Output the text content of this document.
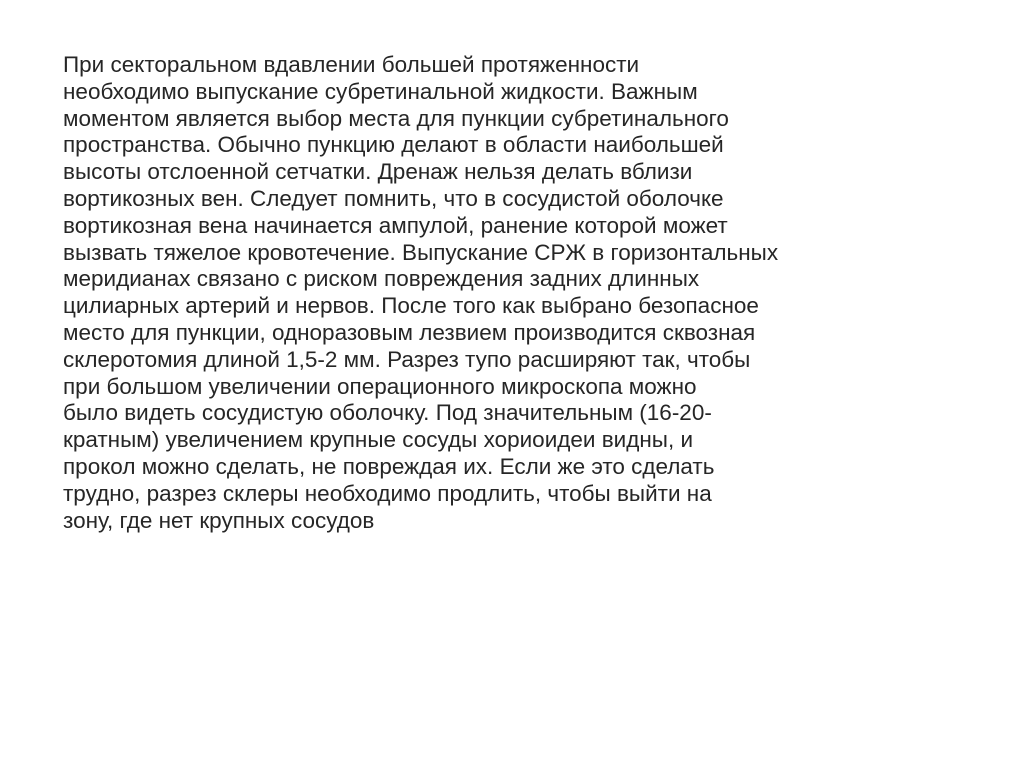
При секторальном вдавлении большей протяженности
необходимо выпускание субретинальной жидкости. Важным
моментом является выбор места для пункции субретинального
пространства. Обычно пункцию делают в области наибольшей
высоты отслоенной сетчатки. Дренаж нельзя делать вблизи
вортикозных вен. Следует помнить, что в сосудистой оболочке
вортикозная вена начинается ампулой, ранение которой может
вызвать тяжелое кровотечение. Выпускание СРЖ в горизонтальных
меридианах связано с риском повреждения задних длинных
цилиарных артерий и нервов. После того как выбрано безопасное
место для пункции, одноразовым лезвием производится сквозная
склеротомия длиной 1,5-2 мм. Разрез тупо расширяют так, чтобы
при большом увеличении операционного микроскопа можно
было видеть сосудистую оболочку. Под значительным (16-20-
кратным) увеличением крупные сосуды хориоидеи видны, и
прокол можно сделать, не повреждая их. Если же это сделать
трудно, разрез склеры необходимо продлить, чтобы выйти на
зону, где нет крупных сосудов
